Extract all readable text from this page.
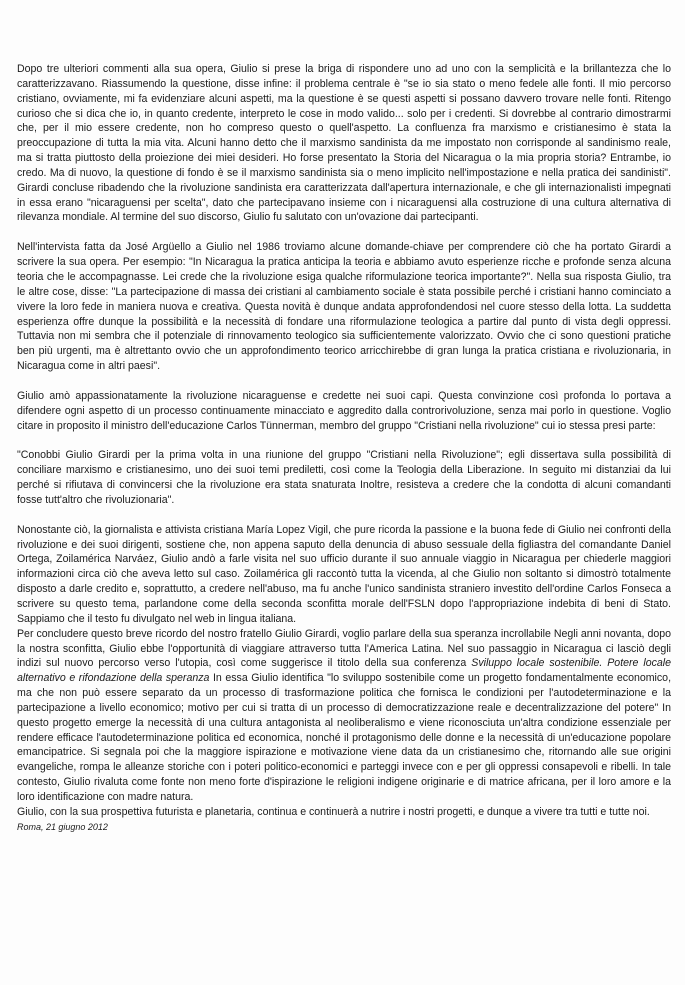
Dopo tre ulteriori commenti alla sua opera, Giulio si prese la briga di rispondere uno ad uno con la semplicità e la brillantezza che lo caratterizzavano. Riassumendo la questione, disse infine: il problema centrale è "se io sia stato o meno fedele alle fonti. Il mio percorso cristiano, ovviamente, mi fa evidenziare alcuni aspetti, ma la questione è se questi aspetti si possano davvero trovare nelle fonti. Ritengo curioso che si dica che io, in quanto credente, interpreto le cose in modo valido... solo per i credenti. Si dovrebbe al contrario dimostrarmi che, per il mio essere credente, non ho compreso questo o quell'aspetto. La confluenza fra marxismo e cristianesimo è stata la preoccupazione di tutta la mia vita. Alcuni hanno detto che il marxismo sandinista da me impostato non corrisponde al sandinismo reale, ma si tratta piuttosto della proiezione dei miei desideri. Ho forse presentato la Storia del Nicaragua o la mia propria storia? Entrambe, io credo. Ma di nuovo, la questione di fondo è se il marxismo sandinista sia o meno implicito nell'impostazione e nella pratica dei sandinisti". Girardi concluse ribadendo che la rivoluzione sandinista era caratterizzata dall'apertura internazionale, e che gli internazionalisti impegnati in essa erano "nicaraguensi per scelta", dato che partecipavano insieme con i nicaraguensi alla costruzione di una cultura alternativa di rilevanza mondiale. Al termine del suo discorso, Giulio fu salutato con un'ovazione dai partecipanti.

Nell'intervista fatta da José Argüello a Giulio nel 1986 troviamo alcune domande-chiave per comprendere ciò che ha portato Girardi a scrivere la sua opera. Per esempio: "In Nicaragua la pratica anticipa la teoria e abbiamo avuto esperienze ricche e profonde senza alcuna teoria che le accompagnasse. Lei crede che la rivoluzione esiga qualche riformulazione teorica importante?". Nella sua risposta Giulio, tra le altre cose, disse: "La partecipazione di massa dei cristiani al cambiamento sociale è stata possibile perché i cristiani hanno cominciato a vivere la loro fede in maniera nuova e creativa. Questa novità è dunque andata approfondendosi nel cuore stesso della lotta. La suddetta esperienza offre dunque la possibilità e la necessità di fondare una riformulazione teologica a partire dal punto di vista degli oppressi. Tuttavia non mi sembra che il potenziale di rinnovamento teologico sia sufficientemente valorizzato. Ovvio che ci sono questioni pratiche ben più urgenti, ma è altrettanto ovvio che un approfondimento teorico arricchirebbe di gran lunga la pratica cristiana e rivoluzionaria, in Nicaragua come in altri paesi".

Giulio amò appassionatamente la rivoluzione nicaraguense e credette nei suoi capi. Questa convinzione così profonda lo portava a difendere ogni aspetto di un processo continuamente minacciato e aggredito dalla controrivoluzione, senza mai porlo in questione. Voglio citare in proposito il ministro dell'educazione Carlos Tünnerman, membro del gruppo "Cristiani nella rivoluzione" cui io stessa presi parte:

"Conobbi Giulio Girardi per la prima volta in una riunione del gruppo "Cristiani nella Rivoluzione"; egli dissertava sulla possibilità di conciliare marxismo e cristianesimo, uno dei suoi temi prediletti, così come la Teologia della Liberazione. In seguito mi distanziai da lui perché si rifiutava di convincersi che la rivoluzione era stata snaturata Inoltre, resisteva a credere che la condotta di alcuni comandanti fosse tutt'altro che rivoluzionaria".

Nonostante ciò, la giornalista e attivista cristiana María Lopez Vigil, che pure ricorda la passione e la buona fede di Giulio nei confronti della rivoluzione e dei suoi dirigenti, sostiene che, non appena saputo della denuncia di abuso sessuale della figliastra del comandante Daniel Ortega, Zoilamérica Narváez, Giulio andò a farle visita nel suo ufficio durante il suo annuale viaggio in Nicaragua per chiederle maggiori informazioni circa ciò che aveva letto sul caso. Zoilamérica gli raccontò tutta la vicenda, al che Giulio non soltanto si dimostrò totalmente disposto a darle credito e, soprattutto, a credere nell'abuso, ma fu anche l'unico sandinista straniero investito dell'ordine Carlos Fonseca a scrivere su questo tema, parlandone come della seconda sconfitta morale dell'FSLN dopo l'appropriazione indebita di beni di Stato. Sappiamo che il testo fu divulgato nel web in lingua italiana.

Per concludere questo breve ricordo del nostro fratello Giulio Girardi, voglio parlare della sua speranza incrollabile Negli anni novanta, dopo la nostra sconfitta, Giulio ebbe l'opportunità di viaggiare attraverso tutta l'America Latina. Nel suo passaggio in Nicaragua ci lasciò degli indizi sul nuovo percorso verso l'utopia, così come suggerisce il titolo della sua conferenza Sviluppo locale sostenibile. Potere locale alternativo e rifondazione della speranza In essa Giulio identifica "lo sviluppo sostenibile come un progetto fondamentalmente economico, ma che non può essere separato da un processo di trasformazione politica che fornisca le condizioni per l'autodeterminazione e la partecipazione a livello economico; motivo per cui si tratta di un processo di democratizzazione reale e decentralizzazione del potere" In questo progetto emerge la necessità di una cultura antagonista al neoliberalismo e viene riconosciuta un'altra condizione essenziale per rendere efficace l'autodeterminazione politica ed economica, nonché il protagonismo delle donne e la necessità di un'educazione popolare emancipatrice. Si segnala poi che la maggiore ispirazione e motivazione viene data da un cristianesimo che, ritornando alle sue origini evangeliche, rompa le alleanze storiche con i poteri politico-economici e parteggi invece con e per gli oppressi consapevoli e ribelli. In tale contesto, Giulio rivaluta come fonte non meno forte d'ispirazione le religioni indigene originarie e di matrice africana, per il loro amore e la loro identificazione con madre natura.

Giulio, con la sua prospettiva futurista e planetaria, continua e continuerà a nutrire i nostri progetti, e dunque a vivere tra tutti e tutte noi.

Roma, 21 giugno 2012
